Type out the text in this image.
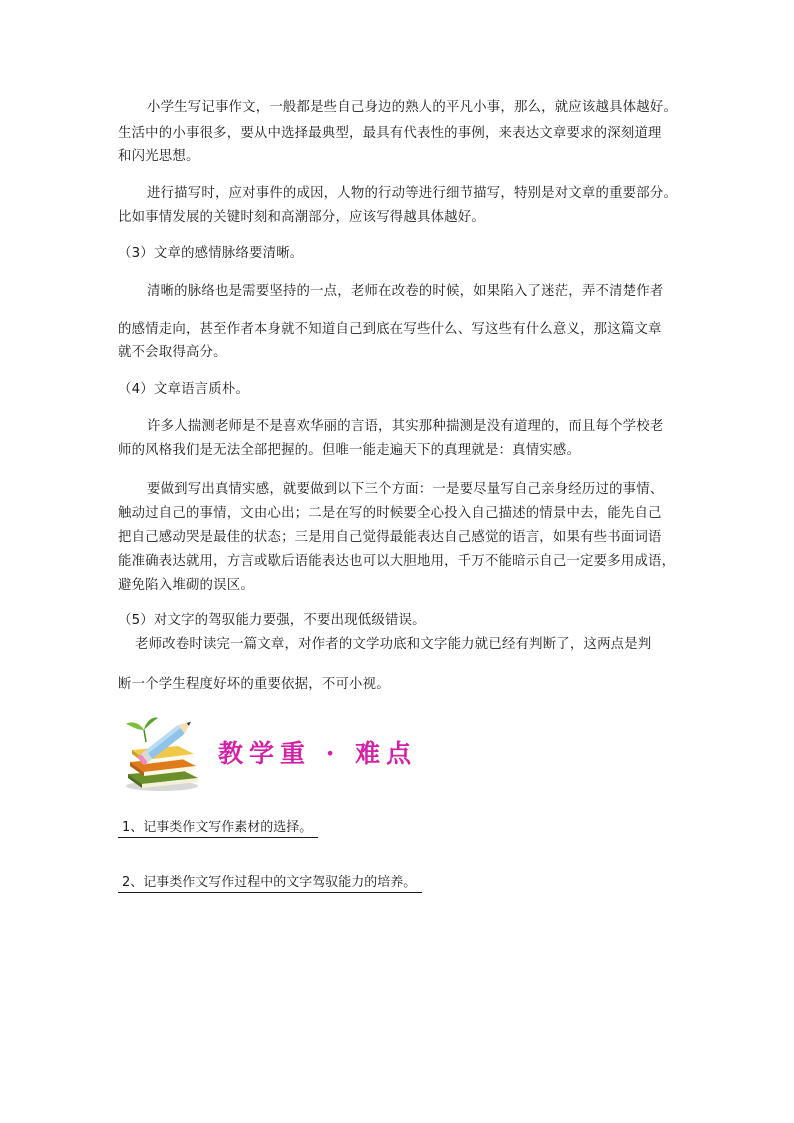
小学生写记事作文，一般都是些自己身边的熟人的平凡小事，那么，就应该越具体越好。
生活中的小事很多，要从中选择最典型，最具有代表性的事例，来表达文章要求的深刻道理
和闪光思想。
进行描写时，应对事件的成因，人物的行动等进行细节描写，特别是对文章的重要部分。
比如事情发展的关键时刻和高潮部分，应该写得越具体越好。
（3）文章的感情脉络要清晰。
清晰的脉络也是需要坚持的一点，老师在改卷的时候，如果陷入了迷茫，弄不清楚作者
的感情走向，甚至作者本身就不知道自己到底在写些什么、写这些有什么意义，那这篇文章
就不会取得高分。
（4）文章语言质朴。
许多人揣测老师是不是喜欢华丽的言语，其实那种揣测是没有道理的，而且每个学校老
师的风格我们是无法全部把握的。但唯一能走遍天下的真理就是：真情实感。
要做到写出真情实感，就要做到以下三个方面：一是要尽量写自己亲身经历过的事情、
触动过自己的事情，文由心出；二是在写的时候要全心投入自己描述的情景中去，能先自己
把自己感动哭是最佳的状态；三是用自己觉得最能表达自己感觉的语言，如果有些书面词语
能准确表达就用，方言或歇后语能表达也可以大胆地用，千万不能暗示自己一定要多用成语，
避免陷入堆砌的误区。
（5）对文字的驾驭能力要强，不要出现低级错误。
老师改卷时读完一篇文章，对作者的文学功底和文字能力就已经有判断了，这两点是判
断一个学生程度好坏的重要依据，不可小视。
教学重 · 难点
1、记事类作文写作素材的选择。
2、记事类作文写作过程中的文字驾驭能力的培养。
